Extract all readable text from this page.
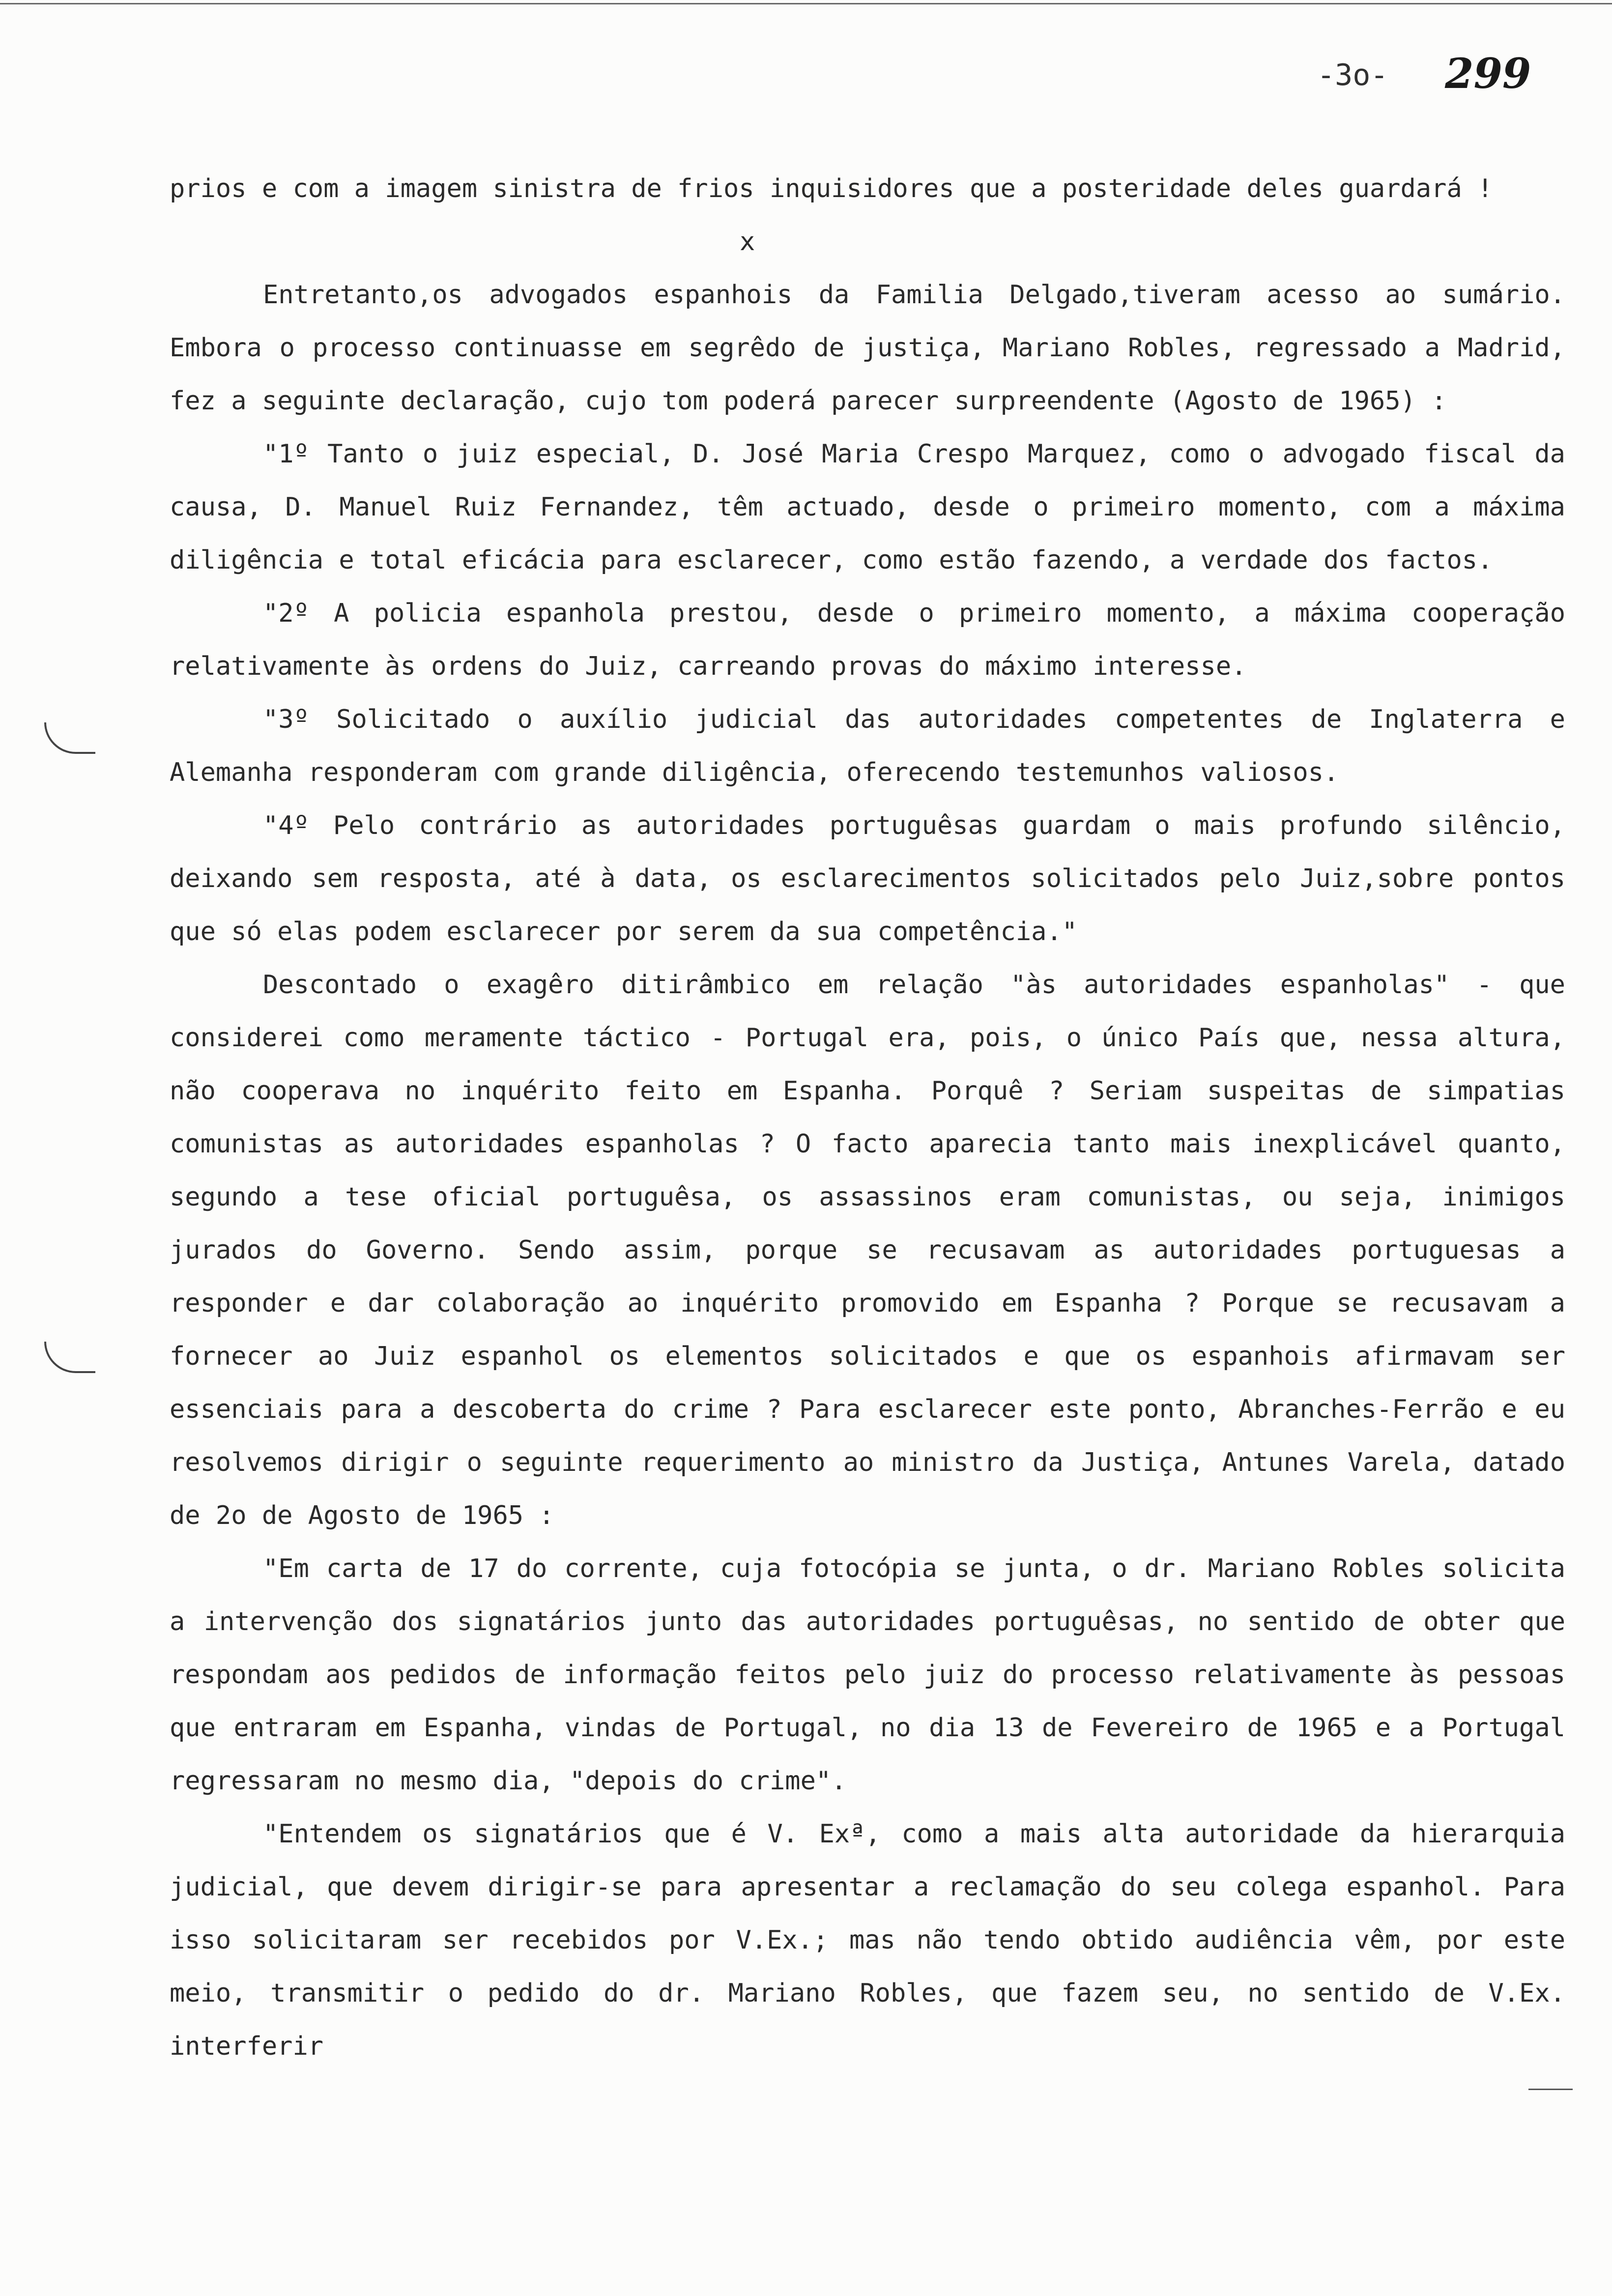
-3o- 299

prios e com a imagem sinistra de frios inquisidores que a posteridade deles guardará !

x

Entretanto,os advogados espanhois da Familia Delgado,tiveram acesso ao sumário. Embora o processo continuasse em segrêdo de justiça, Mariano Robles, regressado a Madrid, fez a seguinte declaração, cujo tom poderá parecer surpreendente (Agosto de 1965) :

"1º Tanto o juiz especial, D. José Maria Crespo Marquez, como o advogado fiscal da causa, D. Manuel Ruiz Fernandez, têm actuado, desde o primeiro momento, com a máxima diligência e total eficácia para esclarecer, como estão fazendo, a verdade dos factos.

"2º A policia espanhola prestou, desde o primeiro momento, a máxima cooperação relativamente às ordens do Juiz, carreando provas do máximo interesse.

"3º Solicitado o auxílio judicial das autoridades competentes de Inglaterra e Alemanha responderam com grande diligência, oferecendo testemunhos valiosos.

"4º Pelo contrário as autoridades portuguêsas guardam o mais profundo silêncio, deixando sem resposta, até à data, os esclarecimentos solicitados pelo Juiz,sobre pontos que só elas podem esclarecer por serem da sua competência."

Descontado o exagêro ditirâmbico em relação "às autoridades espanholas" - que considerei como meramente táctico - Portugal era, pois, o único País que, nessa altura, não cooperava no inquérito feito em Espanha. Porquê ? Seriam suspeitas de simpatias comunistas as autoridades espanholas ? O facto aparecia tanto mais inexplicável quanto, segundo a tese oficial portuguêsa, os assassinos eram comunistas, ou seja, inimigos jurados do Governo. Sendo assim, porque se recusavam as autoridades portuguesas a responder e dar colaboração ao inquérito promovido em Espanha ? Porque se recusavam a fornecer ao Juiz espanhol os elementos solicitados e que os espanhois afirmavam ser essenciais para a descoberta do crime ? Para esclarecer este ponto, Abranches-Ferrão e eu resolvemos dirigir o seguinte requerimento ao ministro da Justiça, Antunes Varela, datado de 2o de Agosto de 1965 :

"Em carta de 17 do corrente, cuja fotocópia se junta, o dr. Mariano Robles solicita a intervenção dos signatários junto das autoridades portuguêsas, no sentido de obter que respondam aos pedidos de informação feitos pelo juiz do processo relativamente às pessoas que entraram em Espanha, vindas de Portugal, no dia 13 de Fevereiro de 1965 e a Portugal regressaram no mesmo dia, "depois do crime".

"Entendem os signatários que é V. Exª, como a mais alta autoridade da hierarquia judicial, que devem dirigir-se para apresentar a reclamação do seu colega espanhol. Para isso solicitaram ser recebidos por V.Ex.; mas não tendo obtido audiência vêm, por este meio, transmitir o pedido do dr. Mariano Robles, que fazem seu, no sentido de V.Ex. interferir
